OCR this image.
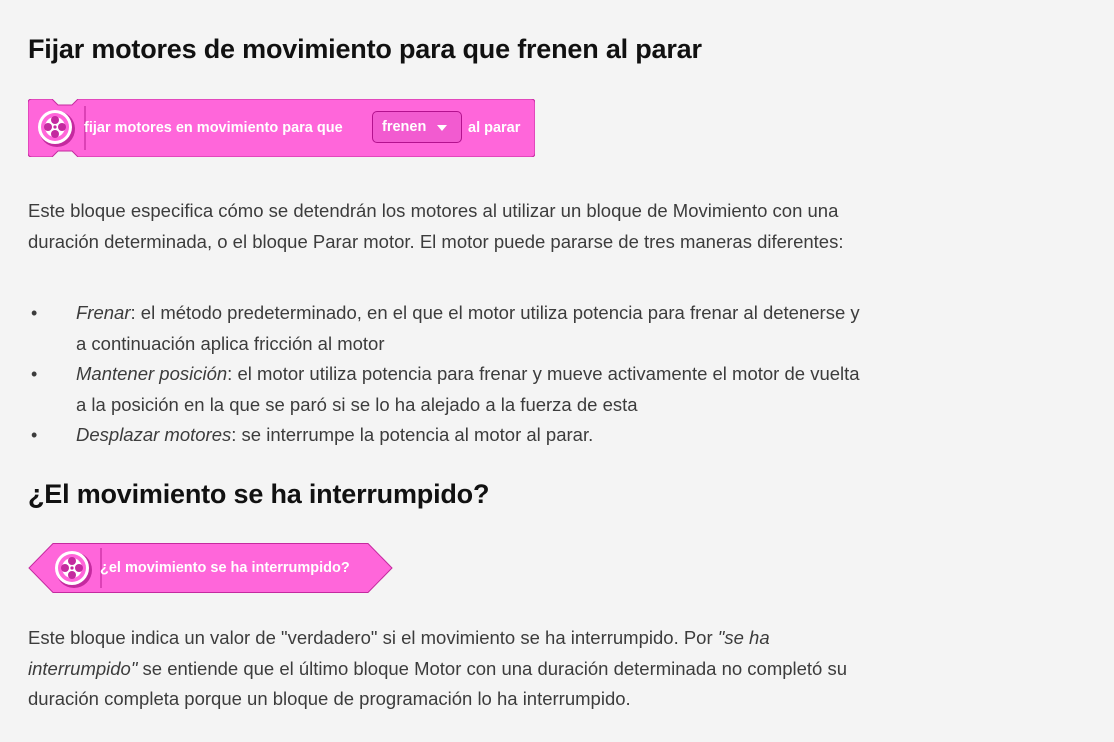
Fijar motores de movimiento para que frenen al parar
fijar motores en movimiento para que	frenen	al parar

Este bloque especifica cómo se detendrán los motores al utilizar un bloque de Movimiento con una duración determinada, o el bloque Parar motor. El motor puede pararse de tres maneras diferentes:

• Frenar: el método predeterminado, en el que el motor utiliza potencia para frenar al detenerse y a continuación aplica fricción al motor
• Mantener posición: el motor utiliza potencia para frenar y mueve activamente el motor de vuelta a la posición en la que se paró si se lo ha alejado a la fuerza de esta
• Desplazar motores: se interrumpe la potencia al motor al parar.
¿El movimiento se ha interrumpido?
¿el movimiento se ha interrumpido?

Este bloque indica un valor de "verdadero" si el movimiento se ha interrumpido. Por "se ha interrumpido" se entiende que el último bloque Motor con una duración determinada no completó su duración completa porque un bloque de programación lo ha interrumpido.
